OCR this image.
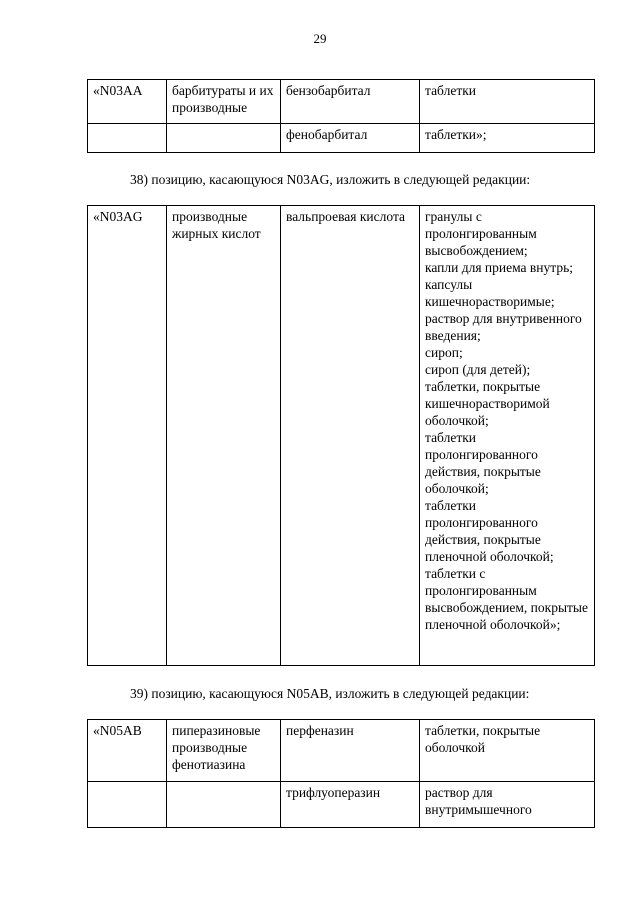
29
«N03AA	барбитураты и их производные	бензобарбитал	таблетки

		фенобарбитал	таблетки»;
38) позицию, касающуюся N03AG, изложить в следующей редакции:
«N03AG	производные жирных кислот	вальпроевая кислота	гранулы с пролонгированным высвобождением;
капли для приема внутрь;
капсулы кишечнорастворимые;
раствор для внутривенного введения;
сироп;
сироп (для детей);
таблетки, покрытые кишечнорастворимой оболочкой;
таблетки пролонгированного действия, покрытые оболочкой;
таблетки пролонгированного действия, покрытые пленочной оболочкой;
таблетки с пролонгированным высвобождением, покрытые пленочной оболочкой»;
39) позицию, касающуюся N05AB, изложить в следующей редакции:
«N05AB	пиперазиновые производные фенотиазина	перфеназин	таблетки, покрытые оболочкой

		трифлуоперазин	раствор для внутримышечного
